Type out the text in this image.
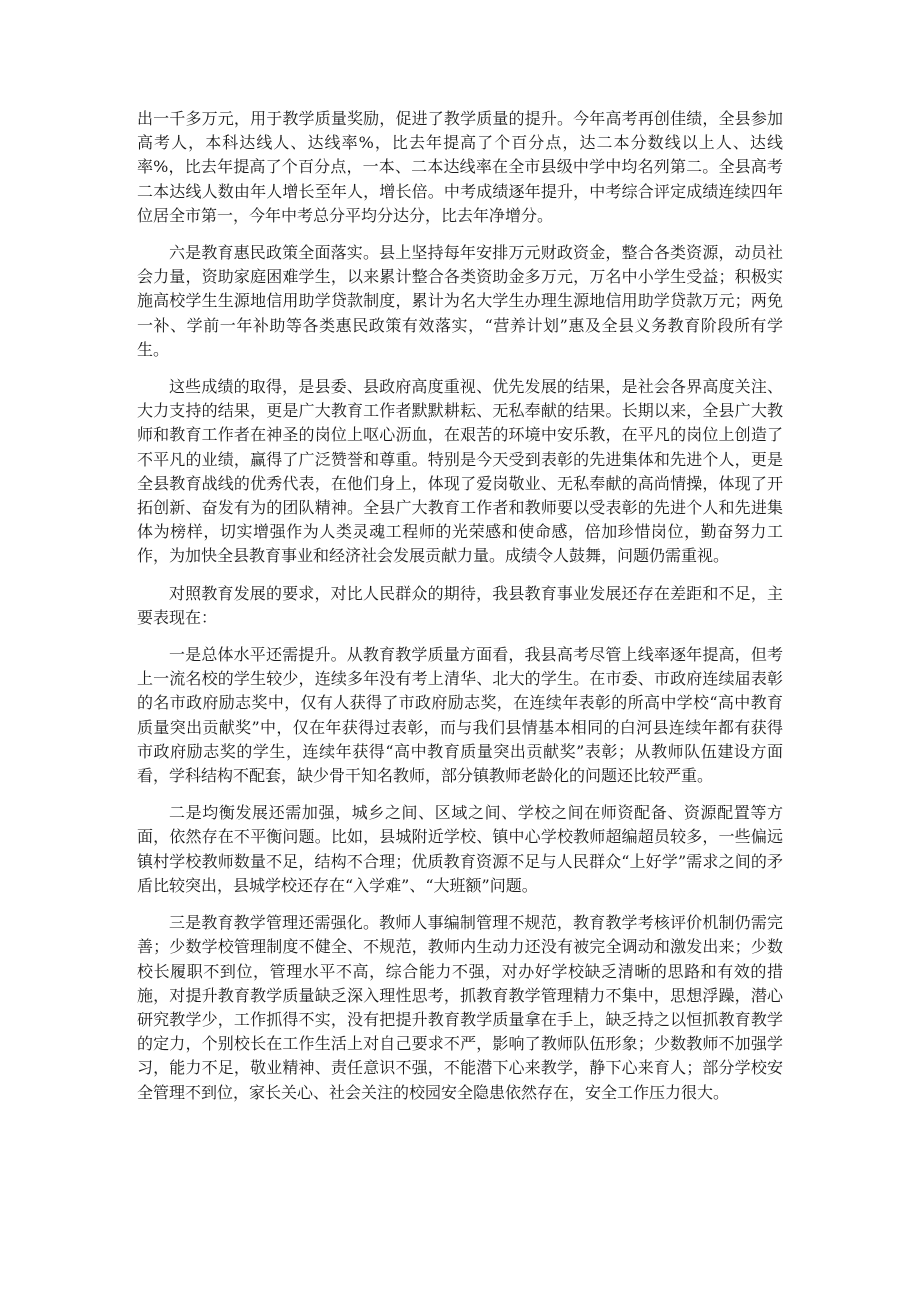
出一千多万元，用于教学质量奖励，促进了教学质量的提升。今年高考再创佳绩，全县参加高考人，本科达线人、达线率%，比去年提高了个百分点，达二本分数线以上人、达线率%，比去年提高了个百分点，一本、二本达线率在全市县级中学中均名列第二。全县高考二本达线人数由年人增长至年人，增长倍。中考成绩逐年提升，中考综合评定成绩连续四年位居全市第一，今年中考总分平均分达分，比去年净增分。

六是教育惠民政策全面落实。县上坚持每年安排万元财政资金，整合各类资源，动员社会力量，资助家庭困难学生，以来累计整合各类资助金多万元，万名中小学生受益；积极实施高校学生生源地信用助学贷款制度，累计为名大学生办理生源地信用助学贷款万元；两免一补、学前一年补助等各类惠民政策有效落实，“营养计划”惠及全县义务教育阶段所有学生。

这些成绩的取得，是县委、县政府高度重视、优先发展的结果，是社会各界高度关注、大力支持的结果，更是广大教育工作者默默耕耘、无私奉献的结果。长期以来，全县广大教师和教育工作者在神圣的岗位上呕心沥血，在艰苦的环境中安乐教，在平凡的岗位上创造了不平凡的业绩，赢得了广泛赞誉和尊重。特别是今天受到表彰的先进集体和先进个人，更是全县教育战线的优秀代表，在他们身上，体现了爱岗敬业、无私奉献的高尚情操，体现了开拓创新、奋发有为的团队精神。全县广大教育工作者和教师要以受表彰的先进个人和先进集体为榜样，切实增强作为人类灵魂工程师的光荣感和使命感，倍加珍惜岗位，勤奋努力工作，为加快全县教育事业和经济社会发展贡献力量。成绩令人鼓舞，问题仍需重视。

对照教育发展的要求，对比人民群众的期待，我县教育事业发展还存在差距和不足，主要表现在：

一是总体水平还需提升。从教育教学质量方面看，我县高考尽管上线率逐年提高，但考上一流名校的学生较少，连续多年没有考上清华、北大的学生。在市委、市政府连续届表彰的名市政府励志奖中，仅有人获得了市政府励志奖，在连续年表彰的所高中学校“高中教育质量突出贡献奖”中，仅在年获得过表彰，而与我们县情基本相同的白河县连续年都有获得市政府励志奖的学生，连续年获得“高中教育质量突出贡献奖”表彰；从教师队伍建设方面看，学科结构不配套，缺少骨干知名教师，部分镇教师老龄化的问题还比较严重。

二是均衡发展还需加强，城乡之间、区域之间、学校之间在师资配备、资源配置等方面，依然存在不平衡问题。比如，县城附近学校、镇中心学校教师超编超员较多，一些偏远镇村学校教师数量不足，结构不合理；优质教育资源不足与人民群众“上好学”需求之间的矛盾比较突出，县城学校还存在“入学难”、“大班额”问题。

三是教育教学管理还需强化。教师人事编制管理不规范，教育教学考核评价机制仍需完善；少数学校管理制度不健全、不规范，教师内生动力还没有被完全调动和激发出来；少数校长履职不到位，管理水平不高，综合能力不强，对办好学校缺乏清晰的思路和有效的措施，对提升教育教学质量缺乏深入理性思考，抓教育教学管理精力不集中，思想浮躁，潜心研究教学少，工作抓得不实，没有把提升教育教学质量拿在手上，缺乏持之以恒抓教育教学的定力，个别校长在工作生活上对自己要求不严，影响了教师队伍形象；少数教师不加强学习，能力不足，敬业精神、责任意识不强，不能潜下心来教学，静下心来育人；部分学校安全管理不到位，家长关心、社会关注的校园安全隐患依然存在，安全工作压力很大。
